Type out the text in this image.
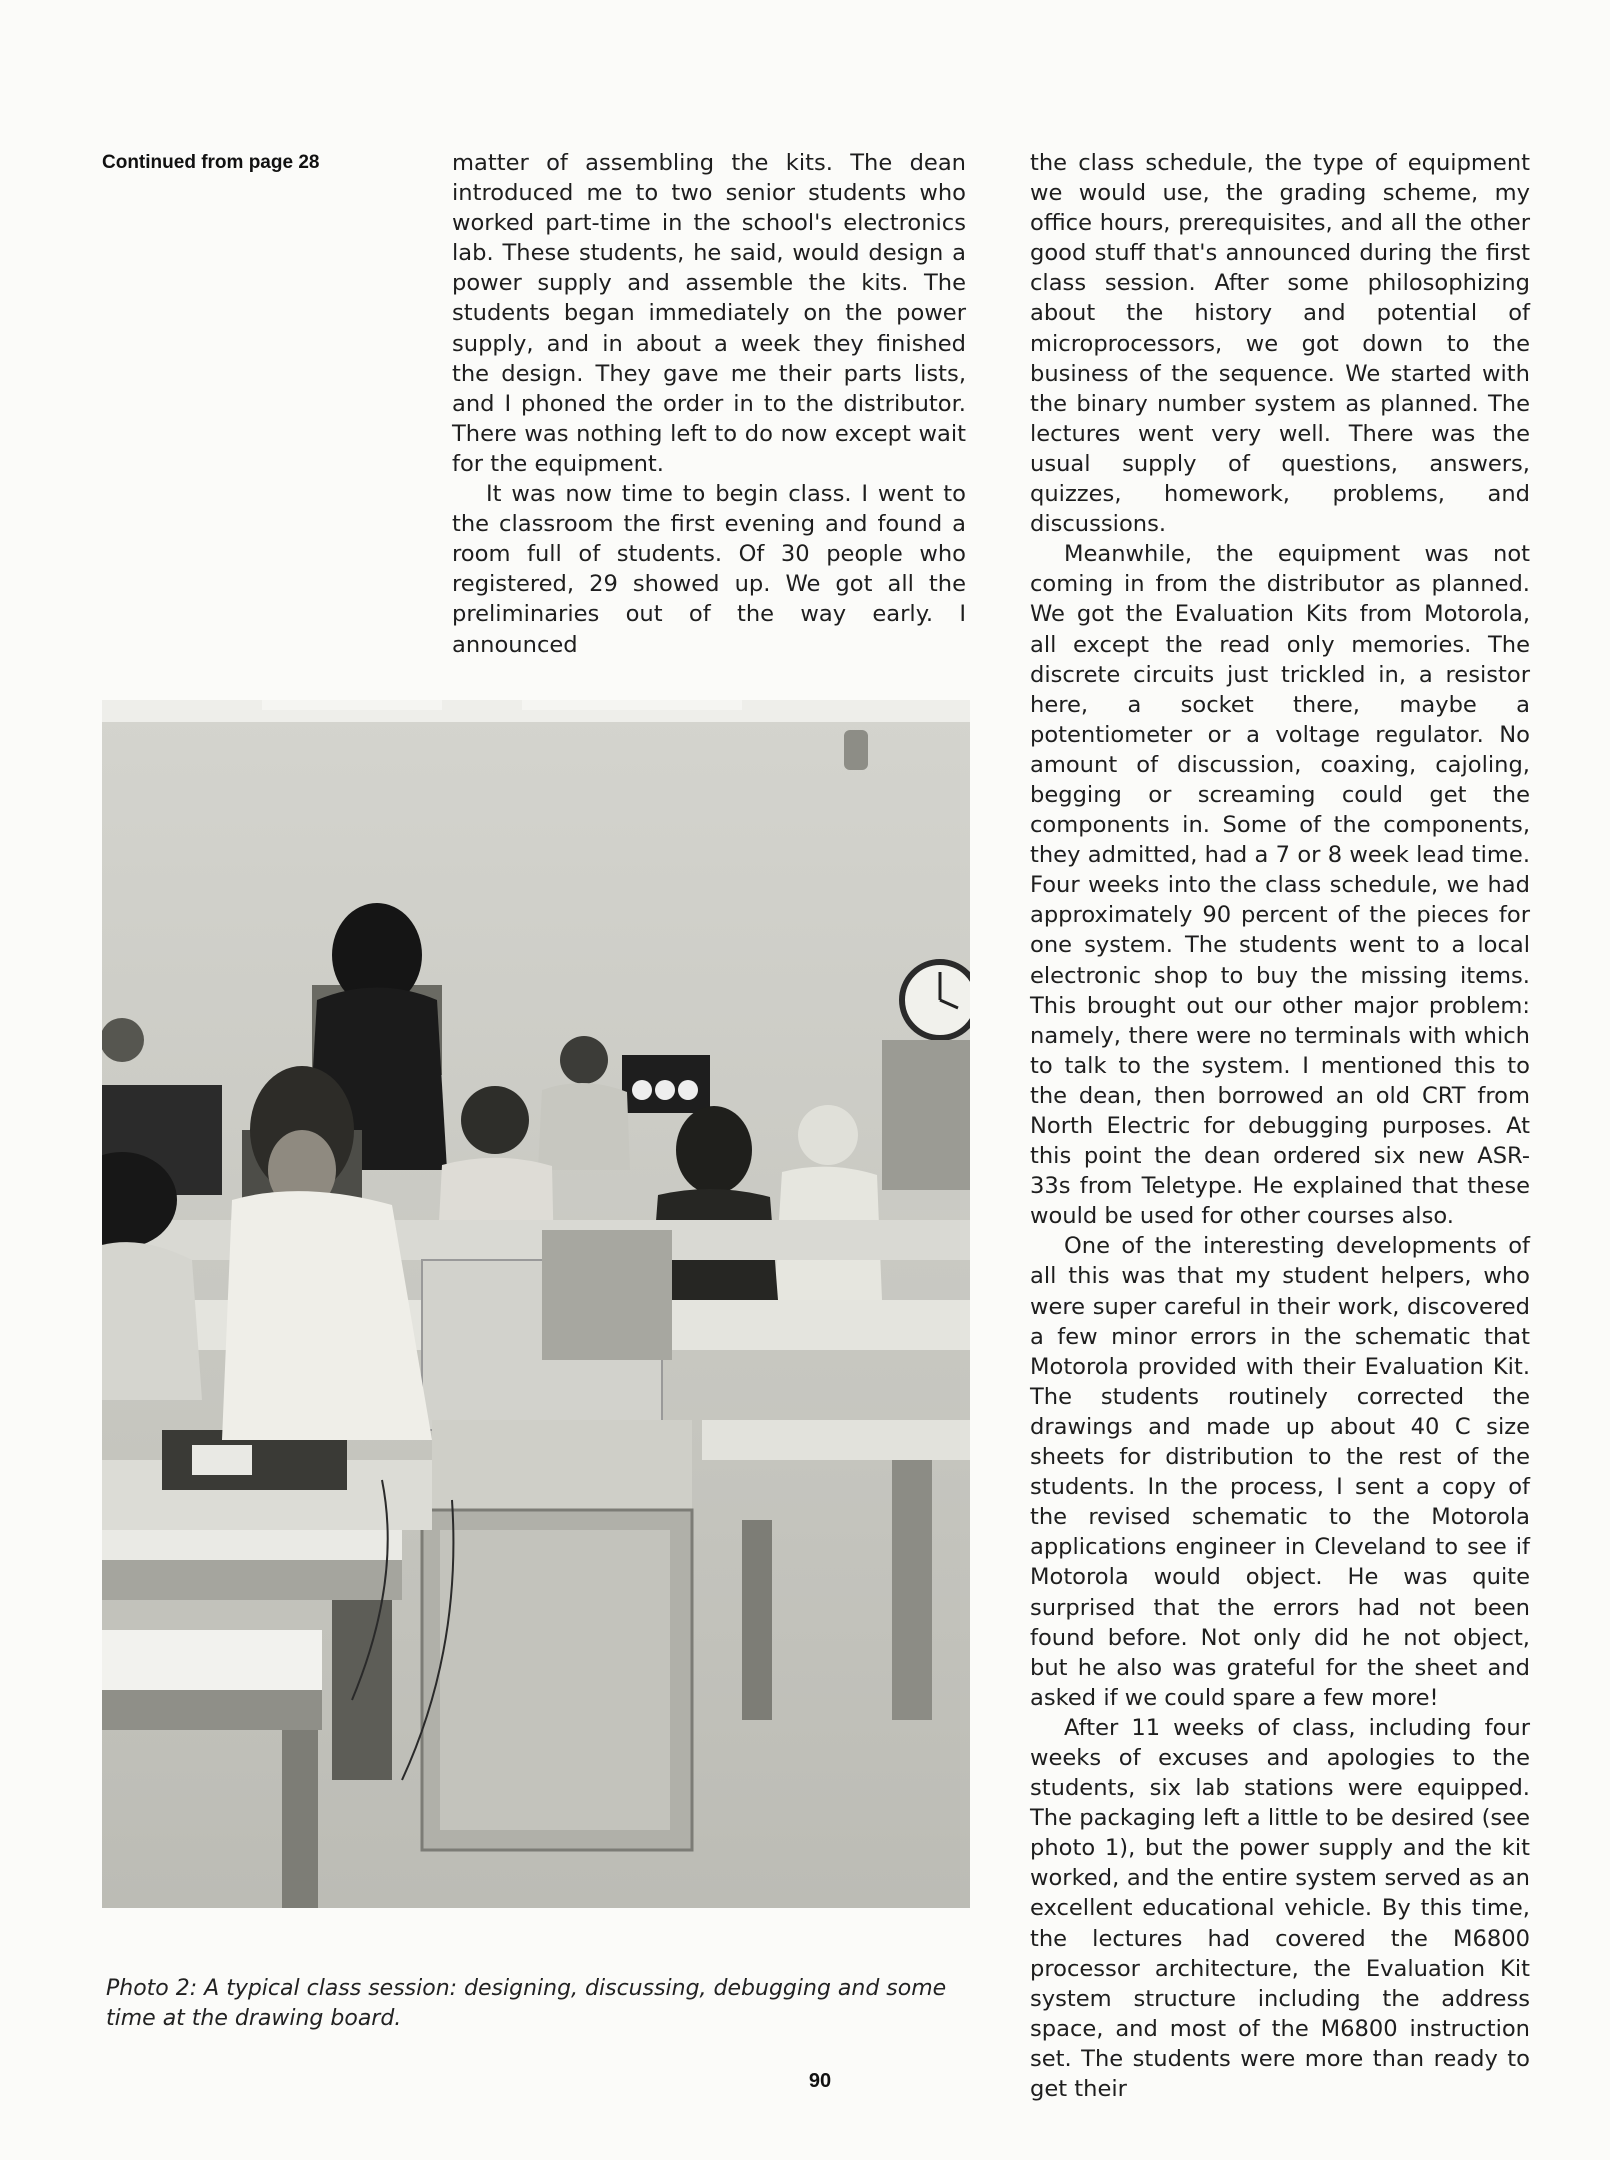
Continued from page 28	matter of assembling the kits. The dean introduced me to two senior students who worked part-time in the school's electronics lab. These students, he said, would design a power supply and assemble the kits. The students began immediately on the power supply, and in about a week they finished the design. They gave me their parts lists, and I phoned the order in to the distributor. There was nothing left to do now except wait for the equipment.

It was now time to begin class. I went to the classroom the first evening and found a room full of students. Of 30 people who registered, 29 showed up. We got all the preliminaries out of the way early. I announced

Photo 2: A typical class session: designing, discussing, debugging and some time at the drawing board.

the class schedule, the type of equipment we would use, the grading scheme, my office hours, prerequisites, and all the other good stuff that's announced during the first class session. After some philosophizing about the history and potential of microprocessors, we got down to the business of the sequence. We started with the binary number system as planned. The lectures went very well. There was the usual supply of questions, answers, quizzes, homework, problems, and discussions.

Meanwhile, the equipment was not coming in from the distributor as planned. We got the Evaluation Kits from Motorola, all except the read only memories. The discrete circuits just trickled in, a resistor here, a socket there, maybe a potentiometer or a voltage regulator. No amount of discussion, coaxing, cajoling, begging or screaming could get the components in. Some of the components, they admitted, had a 7 or 8 week lead time. Four weeks into the class schedule, we had approximately 90 percent of the pieces for one system. The students went to a local electronic shop to buy the missing items. This brought out our other major problem: namely, there were no terminals with which to talk to the system. I mentioned this to the dean, then borrowed an old CRT from North Electric for debugging purposes. At this point the dean ordered six new ASR-33s from Teletype. He explained that these would be used for other courses also.

One of the interesting developments of all this was that my student helpers, who were super careful in their work, discovered a few minor errors in the schematic that Motorola provided with their Evaluation Kit. The students routinely corrected the drawings and made up about 40 C size sheets for distribution to the rest of the students. In the process, I sent a copy of the revised schematic to the Motorola applications engineer in Cleveland to see if Motorola would object. He was quite surprised that the errors had not been found before. Not only did he not object, but he also was grateful for the sheet and asked if we could spare a few more!

After 11 weeks of class, including four weeks of excuses and apologies to the students, six lab stations were equipped. The packaging left a little to be desired (see photo 1), but the power supply and the kit worked, and the entire system served as an excellent educational vehicle. By this time, the lectures had covered the M6800 processor architecture, the Evaluation Kit system structure including the address space, and most of the M6800 instruction set. The students were more than ready to get their

90
